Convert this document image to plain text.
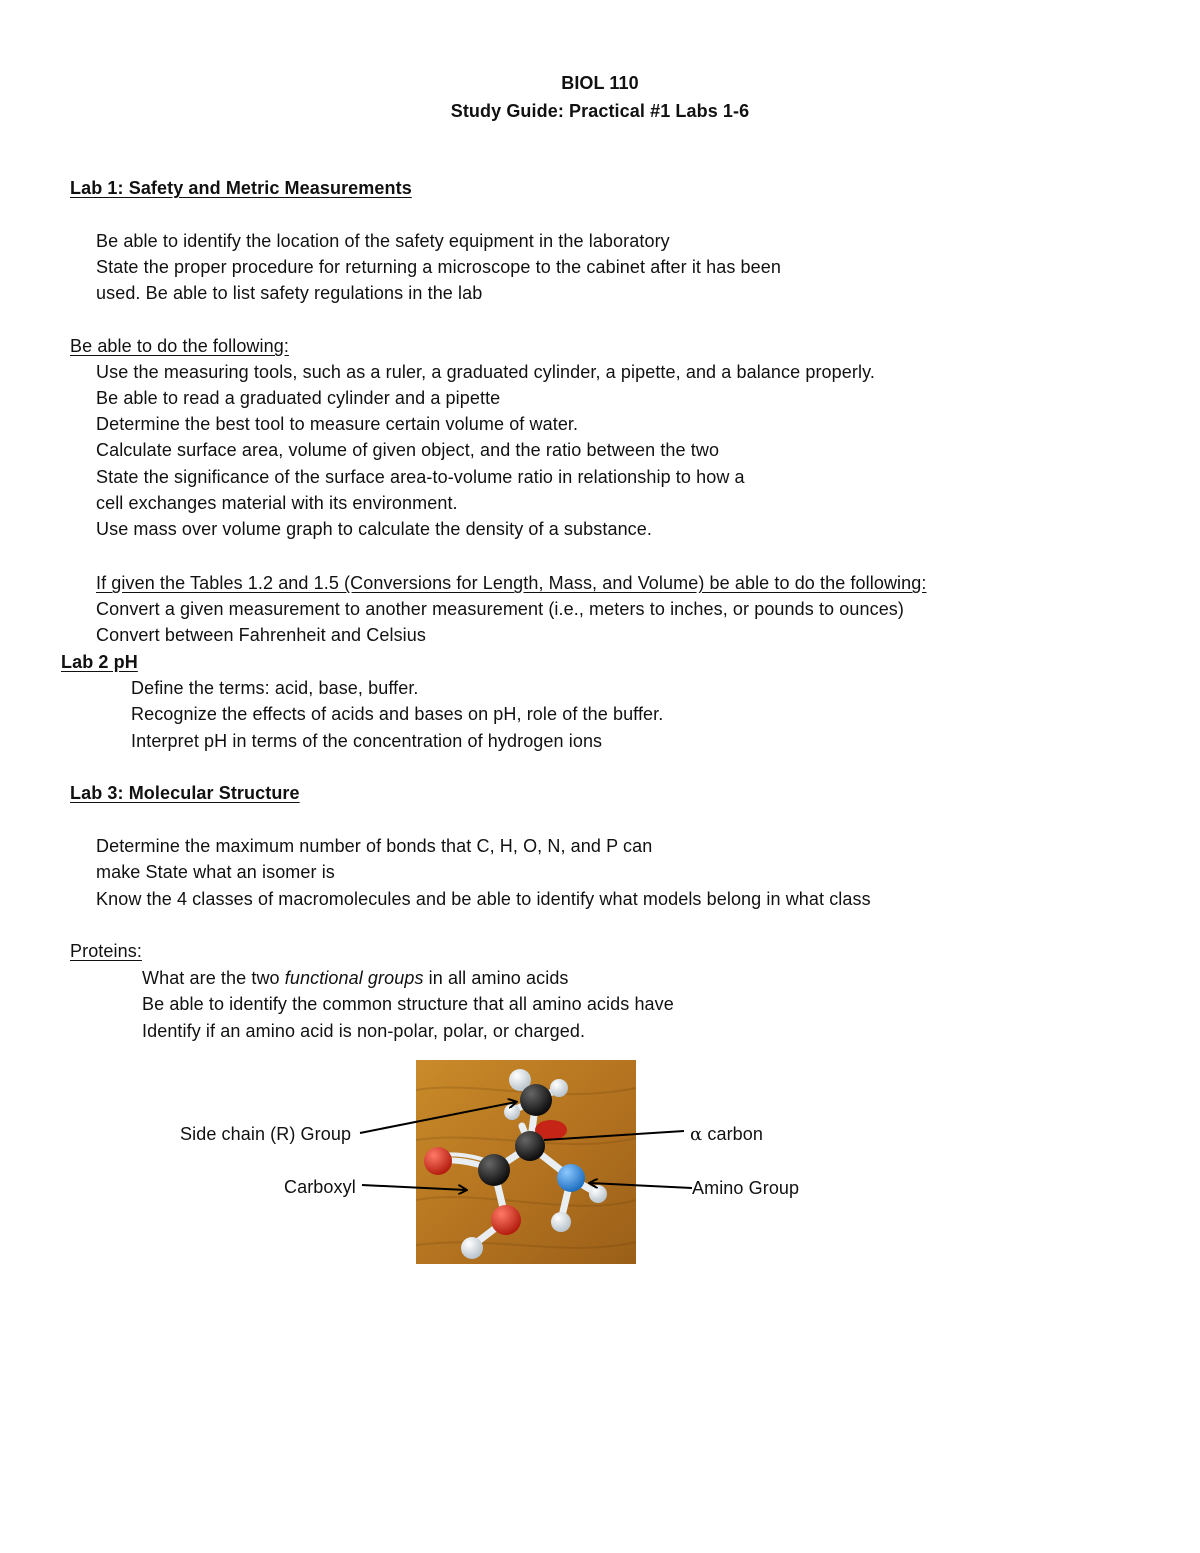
BIOL 110
Study Guide: Practical #1 Labs 1-6
Lab 1: Safety and Metric Measurements
Be able to identify the location of the safety equipment in the laboratory
State the proper procedure for returning a microscope to the cabinet after it has been
used. Be able to list safety regulations in the lab
Be able to do the following:
Use the measuring tools, such as a ruler, a graduated cylinder, a pipette, and a balance properly.
Be able to read a graduated cylinder and a pipette
Determine the best tool to measure certain volume of water.
Calculate surface area, volume of given object, and the ratio between the two
State the significance of the surface area-to-volume ratio in relationship to how a
cell exchanges material with its environment.
Use mass over volume graph to calculate the density of a substance.
If given the Tables 1.2 and 1.5 (Conversions for Length, Mass, and Volume) be able to do the following:
Convert a given measurement to another measurement (i.e., meters to inches, or pounds to ounces)
Convert between Fahrenheit and Celsius
Lab 2 pH
Define the terms: acid, base, buffer.
Recognize the effects of acids and bases on pH, role of the buffer.
Interpret pH in terms of the concentration of hydrogen ions
Lab 3: Molecular Structure
Determine the maximum number of bonds that C, H, O, N, and P can
make State what an isomer is
Know the 4 classes of macromolecules and be able to identify what models belong in what class
Proteins:
What are the two functional groups in all amino acids
Be able to identify the common structure that all amino acids have
Identify if an amino acid is non-polar, polar, or charged.
Side chain (R) Group
Carboxyl
α carbon
Amino Group
